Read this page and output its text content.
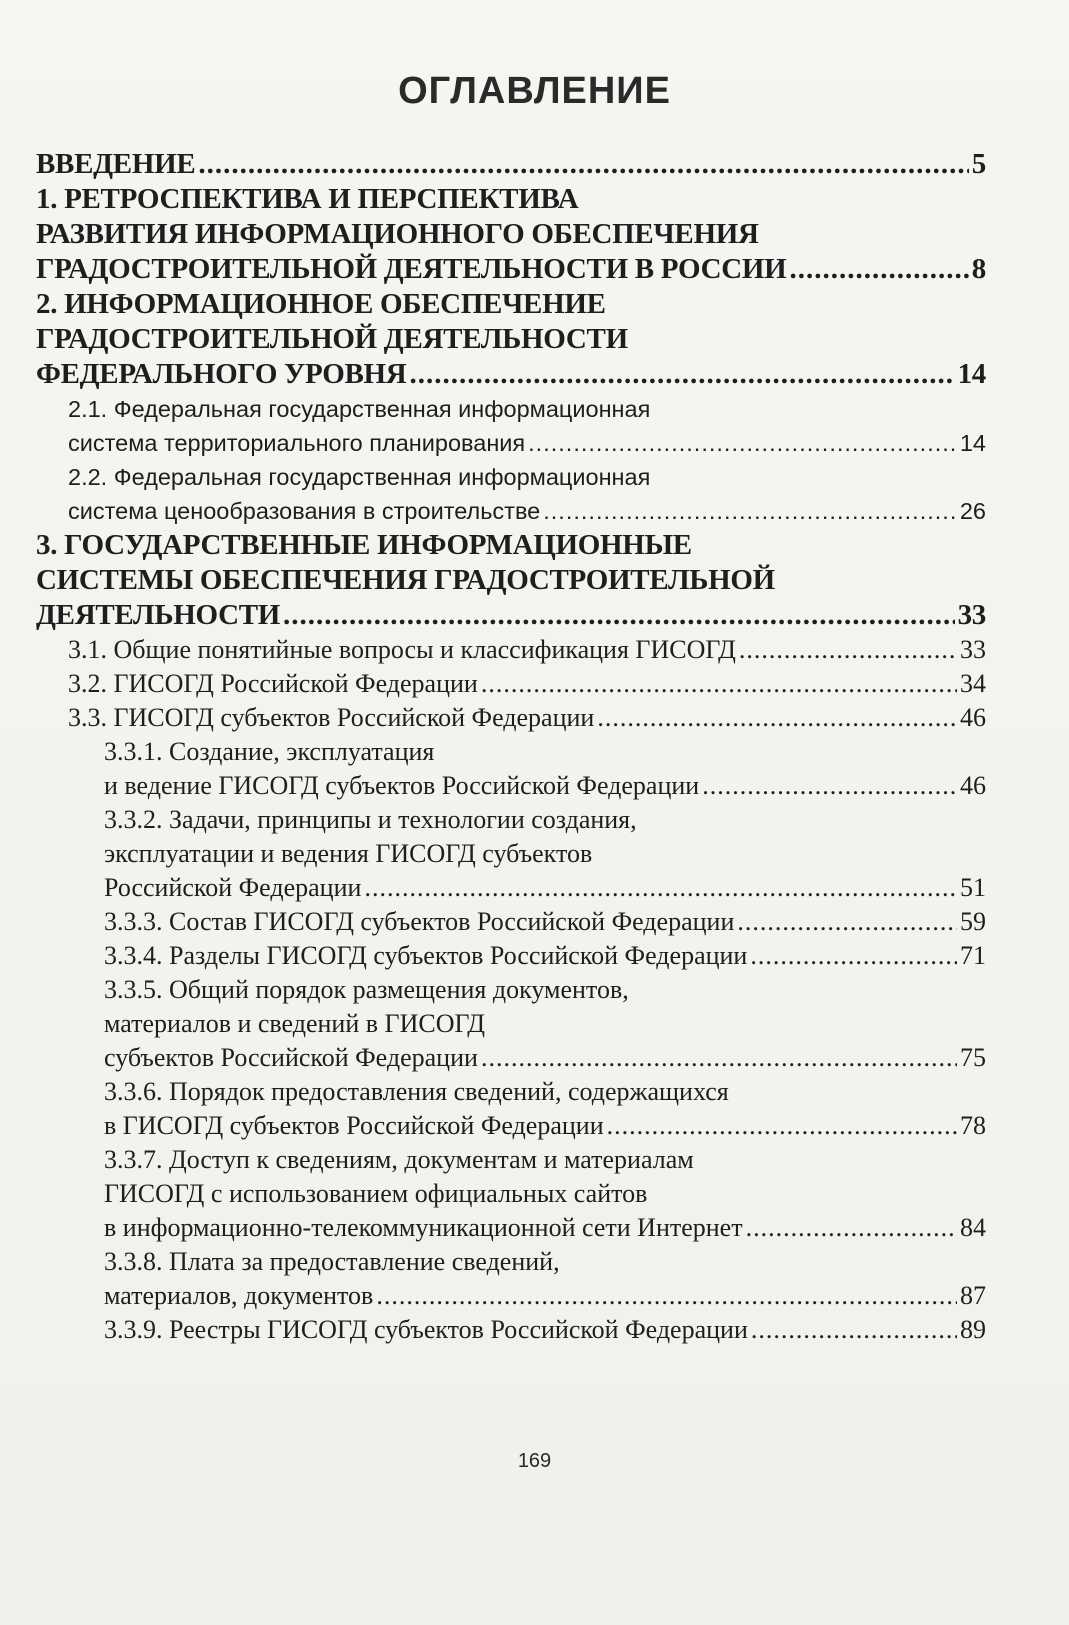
ОГЛАВЛЕНИЕ
ВВЕДЕНИЕ .....	5
1. РЕТРОСПЕКТИВА И ПЕРСПЕКТИВА
РАЗВИТИЯ ИНФОРМАЦИОННОГО ОБЕСПЕЧЕНИЯ
ГРАДОСТРОИТЕЛЬНОЙ ДЕЯТЕЛЬНОСТИ В РОССИИ .....	8
2. ИНФОРМАЦИОННОЕ ОБЕСПЕЧЕНИЕ
ГРАДОСТРОИТЕЛЬНОЙ ДЕЯТЕЛЬНОСТИ
ФЕДЕРАЛЬНОГО УРОВНЯ .....	14
2.1. Федеральная государственная информационная
система территориального планирования .....	14
2.2. Федеральная государственная информационная
система ценообразования в строительстве .....	26
3. ГОСУДАРСТВЕННЫЕ ИНФОРМАЦИОННЫЕ
СИСТЕМЫ ОБЕСПЕЧЕНИЯ ГРАДОСТРОИТЕЛЬНОЙ
ДЕЯТЕЛЬНОСТИ .....	33
3.1. Общие понятийные вопросы и классификация ГИСОГД .....	33
3.2. ГИСОГД Российской Федерации .....	34
3.3. ГИСОГД субъектов Российской Федерации .....	46
3.3.1. Создание, эксплуатация
и ведение ГИСОГД субъектов Российской Федерации .....	46
3.3.2. Задачи, принципы и технологии создания,
эксплуатации и ведения ГИСОГД субъектов
Российской Федерации .....	51
3.3.3. Состав ГИСОГД субъектов Российской Федерации .....	59
3.3.4. Разделы ГИСОГД субъектов Российской Федерации .....	71
3.3.5. Общий порядок размещения документов,
материалов и сведений в ГИСОГД
субъектов Российской Федерации .....	75
3.3.6. Порядок предоставления сведений, содержащихся
в ГИСОГД субъектов Российской Федерации .....	78
3.3.7. Доступ к сведениям, документам и материалам
ГИСОГД с использованием официальных сайтов
в информационно-телекоммуникационной сети Интернет .....	84
3.3.8. Плата за предоставление сведений,
материалов, документов .....	87
3.3.9. Реестры ГИСОГД субъектов Российской Федерации .....	89
169
